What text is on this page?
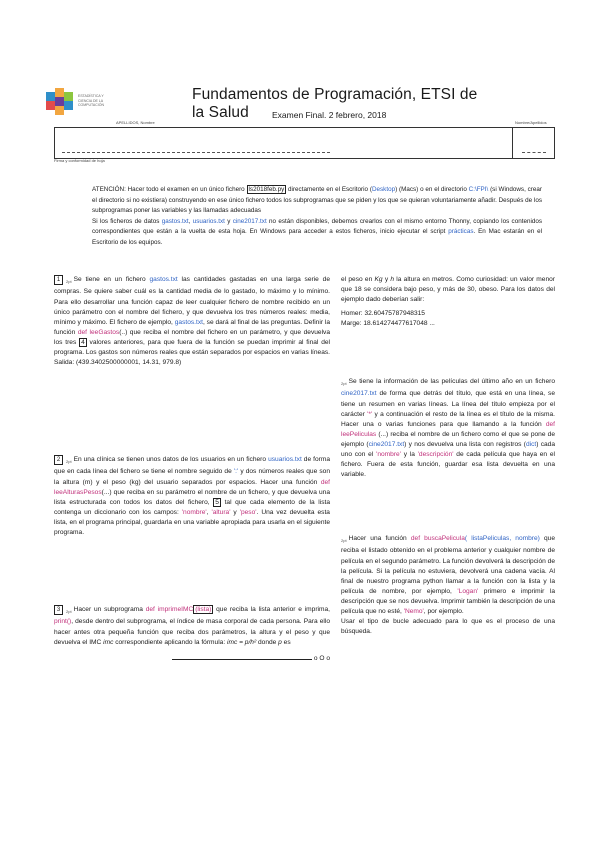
ESTADÍSTICA Y CIENCIA DE LA COMPUTACIÓN
Fundamentos de Programación, ETSI de la Salud	Examen Final. 2 febrero, 2018
APELLIDOS, Nombre	Nombre/Apellidos
Firma y conformidad de hoja

ATENCIÓN: Hacer todo el examen en un único fichero ls2018feb.py directamente en el Escritorio (Desktop) (Macs) o en el directorio C:\FPI\ (si Windows, crear el directorio si no existiera) construyendo en ese único fichero todos los subprogramas que se piden y los que se quieran voluntariamente añadir. Después de los subprogramas poner las variables y las llamadas adecuadas

Si los ficheros de datos gastos.txt, usuarios.txt y cine2017.txt no están disponibles, debemos crearlos con el mismo entorno Thonny, copiando los contenidos correspondientes que están a la vuelta de esta hoja. En Windows para acceder a estos ficheros, inicio ejecutar el script prácticas. En Mac estarán en el Escritorio de los equipos.

1 $_{2pt}$ Se tiene en un fichero gastos.txt las cantidades gastadas en una larga serie de compras. Se quiere saber cuál es la cantidad media de lo gastado, lo máximo y lo mínimo. Para ello desarrollar una función capaz de leer cualquier fichero de nombre recibido en un único parámetro con el nombre del fichero, y que devuelva los tres números reales: media, mínimo y máximo. El fichero de ejemplo, gastos.txt, se dará al final de las preguntas. Definir la función def leeGastos(..) que reciba el nombre del fichero en un parámetro, y que devuelva los tres 4 valores anteriores, para que fuera de la función se puedan imprimir al final del programa. Los gastos son números reales que están separados por espacios en varias líneas.

Salida: (439.3402500000001, 14.31, 979.8)

2 $_{2pt}$ En una clínica se tienen unos datos de los usuarios en un fichero usuarios.txt de forma que en cada línea del fichero se tiene el nombre seguido de ':' y dos números reales que son la altura (m) y el peso (kg) del usuario separados por espacios. Hacer una función def leeAlturasPesos(...) que reciba en su parámetro el nombre de un fichero, y que devuelva una lista estructurada con todos los datos del fichero, 5 tal que cada elemento de la lista contenga un diccionario con los campos: 'nombre', 'altura' y 'peso'. Una vez devuelta esta lista, en el programa principal, guardarla en una variable apropiada para usarla en el siguiente programa.

3 $_{2pt}$ Hacer un subprograma def imprimeIMC (lista) que reciba la lista anterior e imprima, print(), desde dentro del subprograma, el índice de masa corporal de cada persona. Para ello hacer antes otra pequeña función que reciba dos parámetros, la altura y el peso y que devuelva el IMC imc correspondiente aplicando la fórmula: imc = p/h² donde p es

o O o

el peso en Kg y h la altura en metros. Como curiosidad: un valor menor que 18 se considera bajo peso, y más de 30, obeso. Para los datos del ejemplo dado deberían salir:

Homer: 32.60475787948315

Marge: 18.614274477617048 ...

$_{2pt}$ Se tiene la información de las películas del último año en un fichero cine2017.txt de forma que detrás del título, que está en una línea, se tiene un resumen en varias líneas. La línea del título empieza por el carácter '*' y a continuación el resto de la línea es el título de la misma. Hacer una o varias funciones para que llamando a la función def leePeliculas (...) reciba el nombre de un fichero como el que se pone de ejemplo (cine2017.txt) y nos devuelva una lista con registros (dict) cada uno con el 'nombre' y la 'descripción' de cada película que haya en el fichero. Fuera de esta función, guardar esa lista devuelta en una variable.

$_{2pt}$ Hacer una función def buscaPelicula( listaPeliculas, nombre) que reciba el listado obtenido en el problema anterior y cualquier nombre de película en el segundo parámetro. La función devolverá la descripción de la película. Si la película no estuviera, devolverá una cadena vacía. Al final de nuestro programa python llamar a la función con la lista y la película de nombre, por ejemplo, 'Logan' primero e imprimir la descripción que se nos devuelva. Imprimir también la descripción de una película que no esté, 'Nemo', por ejemplo.

Usar el tipo de bucle adecuado para lo que es el proceso de una búsqueda.
